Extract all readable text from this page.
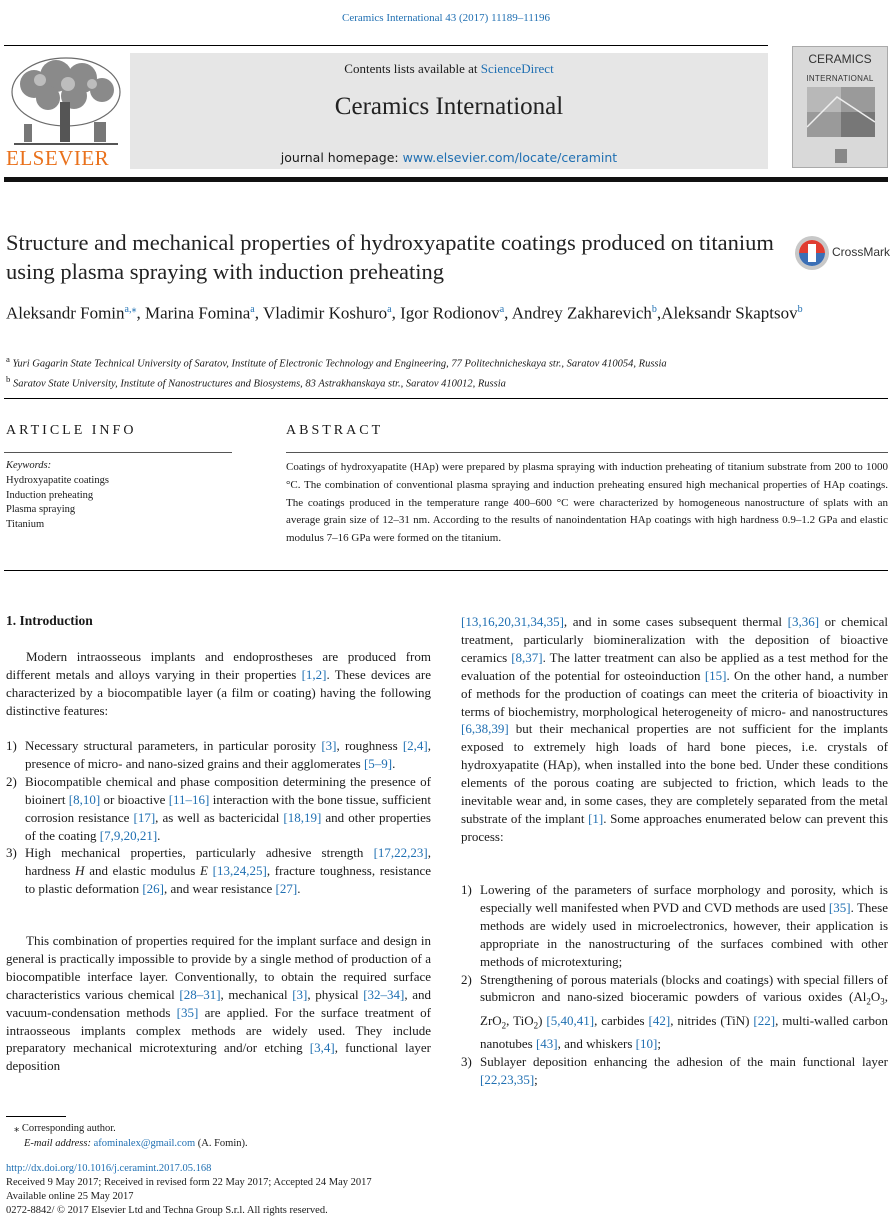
Ceramics International 43 (2017) 11189–11196
ELSEVIER
Contents lists available at ScienceDirect
Ceramics International
journal homepage: www.elsevier.com/locate/ceramint
CERAMICS
INTERNATIONAL
Structure and mechanical properties of hydroxyapatite coatings produced on titanium using plasma spraying with induction preheating
CrossMark
Aleksandr Fomin$^{a,⁎}$, Marina Fomina$^a$, Vladimir Koshuro$^a$, Igor Rodionov$^a$, Andrey Zakharevich$^b$,Aleksandr Skaptsov$^b$
$^a$ Yuri Gagarin State Technical University of Saratov, Institute of Electronic Technology and Engineering, 77 Politechnicheskaya str., Saratov 410054, Russia
$^b$ Saratov State University, Institute of Nanostructures and Biosystems, 83 Astrakhanskaya str., Saratov 410012, Russia
ARTICLE INFO	ABSTRACT
Keywords:
Hydroxyapatite coatings
Induction preheating
Plasma spraying
Titanium
Coatings of hydroxyapatite (HAp) were prepared by plasma spraying with induction preheating of titanium substrate from 200 to 1000 °C. The combination of conventional plasma spraying and induction preheating ensured high mechanical properties of HAp coatings. The coatings produced in the temperature range 400–600 °C were characterized by homogeneous nanostructure of splats with an average grain size of 12–31 nm. According to the results of nanoindentation HAp coatings with high hardness 0.9–1.2 GPa and elastic modulus 7–16 GPa were formed on the titanium.
1. Introduction
Modern intraosseous implants and endoprostheses are produced from different metals and alloys varying in their properties [1,2]. These devices are characterized by a biocompatible layer (a film or coating) having the following distinctive features:
1) Necessary structural parameters, in particular porosity [3], roughness [2,4], presence of micro- and nano-sized grains and their agglomerates [5–9].
2) Biocompatible chemical and phase composition determining the presence of bioinert [8,10] or bioactive [11–16] interaction with the bone tissue, sufficient corrosion resistance [17], as well as bactericidal [18,19] and other properties of the coating [7,9,20,21].
3) High mechanical properties, particularly adhesive strength [17,22,23], hardness H and elastic modulus E [13,24,25], fracture toughness, resistance to plastic deformation [26], and wear resistance [27].
This combination of properties required for the implant surface and design in general is practically impossible to provide by a single method of production of a biocompatible interface layer. Conventionally, to obtain the required surface characteristics various chemical [28–31], mechanical [3], physical [32–34], and vacuum-condensation methods [35] are applied. For the surface treatment of intraosseous implants complex methods are widely used. They include preparatory mechanical microtexturing and/or etching [3,4], functional layer deposition
[13,16,20,31,34,35], and in some cases subsequent thermal [3,36] or chemical treatment, particularly biomineralization with the deposition of bioactive ceramics [8,37]. The latter treatment can also be applied as a test method for the evaluation of the potential for osteoinduction [15]. On the other hand, a number of methods for the production of coatings can meet the criteria of bioactivity in terms of biochemistry, morphological heterogeneity of micro- and nanostructures [6,38,39] but their mechanical properties are not sufficient for the implants exposed to extremely high loads of hard bone pieces, i.e. crystals of hydroxyapatite (HAp), when installed into the bone bed. Under these conditions elements of the porous coating are subjected to friction, which leads to the inevitable wear and, in some cases, they are completely separated from the metal substrate of the implant [1]. Some approaches enumerated below can prevent this process:
1) Lowering of the parameters of surface morphology and porosity, which is especially well manifested when PVD and CVD methods are used [35]. These methods are widely used in microelectronics, however, their application is appropriate in the nanostructuring of the surfaces combined with other methods of microtexturing;
2) Strengthening of porous materials (blocks and coatings) with special fillers of submicron and nano-sized bioceramic powders of various oxides ($Al_2O_3$, ZrO$_2$, TiO$_2$) [5,40,41], carbides [42], nitrides (TiN) [22], multi-walled carbon nanotubes [43], and whiskers [10];
3) Sublayer deposition enhancing the adhesion of the main functional layer [22,23,35];
⁎ Corresponding author.
E-mail address: afominalex@gmail.com (A. Fomin).
http://dx.doi.org/10.1016/j.ceramint.2017.05.168
Received 9 May 2017; Received in revised form 22 May 2017; Accepted 24 May 2017
Available online 25 May 2017
0272-8842/ © 2017 Elsevier Ltd and Techna Group S.r.l. All rights reserved.
